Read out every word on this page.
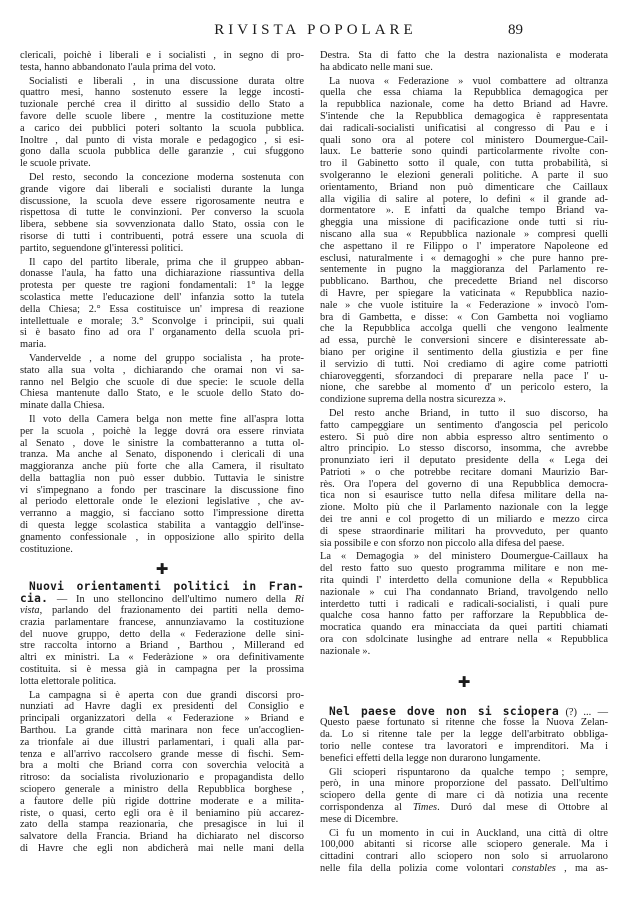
RIVISTA POPOLARE	89
clericali, poichè i liberali e i socialisti , in segno di pro-
testa, hanno abbandonato l'aula prima del voto.
Socialisti e liberali , in una discussione durata oltre
quattro mesi, hanno sostenuto essere la legge incosti-
tuzionale perché crea il diritto al sussidio dello Stato a
favore delle scuole libere , mentre la costituzione mette
a carico dei pubblici poteri soltanto la scuola pubblica.
Inoltre , dal punto di vista morale e pedagogico , si esi-
gono dalla scuola pubblica delle garanzie , cui sfuggono
le scuole private.
Del resto, secondo la concezione moderna sostenuta con
grande vigore dai liberali e socialisti durante la lunga
discussione, la scuola deve essere rigorosamente neutra e
rispettosa di tutte le convinzioni. Per converso la scuola
libera, sebbene sia sovvenzionata dallo Stato, ossia con le
risorse di tutti i contribuenti, potrá essere una scuola di
partito, seguendone gl'interessi politici.
Il capo del partito liberale, prima che il gruppeo abban-
donasse l'aula, ha fatto una dichiarazione riassuntiva della
protesta per queste tre ragioni fondamentali: 1° la legge
scolastica mette l'educazione dell' infanzia sotto la tutela
della Chiesa; 2.° Essa costituisce un' impresa di reazione
intellettuale e morale; 3.° Sconvolge i principii, sui quali
si è basato fino ad ora l' organamento della scuola pri-
maria.
Vandervelde , a nome del gruppo socialista , ha prote-
stato alla sua volta , dichiarando che oramai non vi sa-
ranno nel Belgio che scuole di due specie: le scuole della
Chiesa mantenute dallo Stato, e le scuole dello Stato do-
minate dalla Chiesa.
Il voto della Camera belga non mette fine all'aspra lotta
per la scuola , poichè la legge dovrá ora essere rinviata
al Senato , dove le sinistre la combatteranno a tutta ol-
tranza. Ma anche al Senato, disponendo i clericali di una
maggioranza anche più forte che alla Camera, il risultato
della battaglia non può esser dubbio. Tuttavia le sinistre
vi s'impegnano a fondo per trascinare la discussione fino
al periodo elettorale onde le elezioni legislative , che av-
verranno a maggio, si facciano sotto l'impressione diretta
di questa legge scolastica stabilita a vantaggio dell'inse-
gnamento confessionale , in opposizione allo spirito della
costituzione.
✚
Nuovi orientamenti politici in Fran-
cia. — In uno stelloncino dell'ultimo numero della Ri
vista, parlando del frazionamento dei partiti nella demo-
crazia parlamentare francese, annunziavamo la costituzione
del nuove gruppo, detto della « Federazione delle sini-
stre raccolta intorno a Briand , Barthou , Millerand ed
altri ex ministri. La « Federàzione » ora definitivamente
costituita. si è messa già in campagna per la prossima
lotta elettorale politica.
La campagna si è aperta con due grandi discorsi pro-
nunziati ad Havre dagli ex presidenti del Consiglio e
principali organizzatori della « Federazione » Briand e
Barthou. La grande città marinara non fece un'accoglien-
za trionfale ai due illustri parlamentari, i quali alla par-
tenza e all'arrivo raccolsero grande messe di fischi. Sem-
bra a molti che Briand corra con soverchia velocità a
ritroso: da socialista rivoluzionario e propagandista dello
sciopero generale a ministro della Repubblica borghese ,
a fautore delle più rigide dottrine moderate e a milita-
riste, o quasi, certo egli ora è il beniamino più accarez-
zato della stampa reazionaria, che presagisce in lui il
salvatore della Francia. Briand ha dichiarato nel discorso
di Havre che egli non abdicherà mai nelle mani della
Destra. Sta di fatto che la destra nazionalista e moderata
ha abdicato nelle mani sue.
La nuova « Federazione » vuol combattere ad oltranza
quella che essa chiama la Repubblica demagogica per
la repubblica nazionale, come ha detto Briand ad Havre.
S'intende che la Repubblica demagogica è rappresentata
dai radicali-socialisti unificatisi al congresso di Pau e i
quali sono ora al potere col ministero Doumergue-Cail-
laux. Le batterie sono quindi particolarmente rivolte con-
tro il Gabinetto sotto il quale, con tutta probabilità, si
svolgeranno le elezioni generali politiche. A parte il suo
orientamento, Briand non può dimenticare che Caillaux
alla vigilia di salire al potere, lo definì « il grande ad-
dormentatore ». E infatti da qualche tempo Briand va-
gheggia una missione di pacificazione onde tutti si riu-
niscano alla sua « Repubblica nazionale » compresi quelli
che aspettano il re Filippo o l' imperatore Napoleone ed
esclusi, naturalmente i « demagoghi » che pure hanno pre-
sentemente in pugno la maggioranza del Parlamento re-
pubblicano. Barthou, che precedette Briand nel discorso
di Havre, per spiegare la vaticinata « Repubblica nazio-
nale » che vuole istituire la « Federazione » invocò l'om-
bra di Gambetta, e disse: « Con Gambetta noi vogliamo
che la Repubblica accolga quelli che vengono lealmente
ad essa, purchè le conversioni sincere e disinteressate ab-
biano per origine il sentimento della giustizia e per fine
il servizio di tutti. Noi crediamo di agire come patriotti
chiaroveggenti, sforzandoci di preparare nella pace l' u-
nione, che sarebbe al momento d' un pericolo estero, la
condizione suprema della nostra sicurezza ».
Del resto anche Briand, in tutto il suo discorso, ha
fatto campeggiare un sentimento d'angoscia pel pericolo
estero. Si può dire non abbia espresso altro sentimento o
altro principio. Lo stesso discorso, insomma, che avrebbe
pronunziato ieri il deputato presidente della « Lega dei
Patrioti » o che potrebbe recitare domani Maurizio Bar-
rès. Ora l'opera del governo di una Repubblica democra-
tica non si esaurisce tutto nella difesa militare della na-
zione. Molto più che il Parlamento nazionale con la legge
dei tre anni e col progetto di un miliardo e mezzo circa
di spese straordinarie militari ha provveduto, per quanto
sia possibile e con sforzo non piccolo alla difesa del paese.
La « Demagogia » del ministero Doumergue-Caillaux ha
del resto fatto suo questo programma militare e non me-
rita quindi l' interdetto della comunione della « Repubblica
nazionale » cui l'ha condannato Briand, travolgendo nello
interdetto tutti i radicali e radicali-socialisti, i quali pure
qualche cosa hanno fatto per rafforzare la Repubblica de-
mocratica quando era minacciata da quei partiti chiamati
ora con sdolcinate lusinghe ad entrare nella « Repubblica
nazionale ».
✚
Nel paese dove non si sciopera (?) ... —
Questo paese fortunato si ritenne che fosse la Nuova Zelan-
da. Lo si ritenne tale per la legge dell'arbitrato obbliga-
torio nelle contese tra lavoratori e imprenditori. Ma i
benefici effetti della legge non durarono lungamente.
Gli scioperi rispuntarono da qualche tempo ; sempre,
però, in una minore proporzione del passato. Dell'ultimo
sciopero della gente di mare ci dà notizia una recente
corrispondenza al Times. Duró dal mese di Ottobre al
mese di Dicembre.
Ci fu un momento in cui in Auckland, una città di oltre
100,000 abitanti si ricorse alle sciopero generale. Ma i
cittadini contrari allo sciopero non solo si arruolarono
nelle fila della polizia come volontari constables , ma as-
